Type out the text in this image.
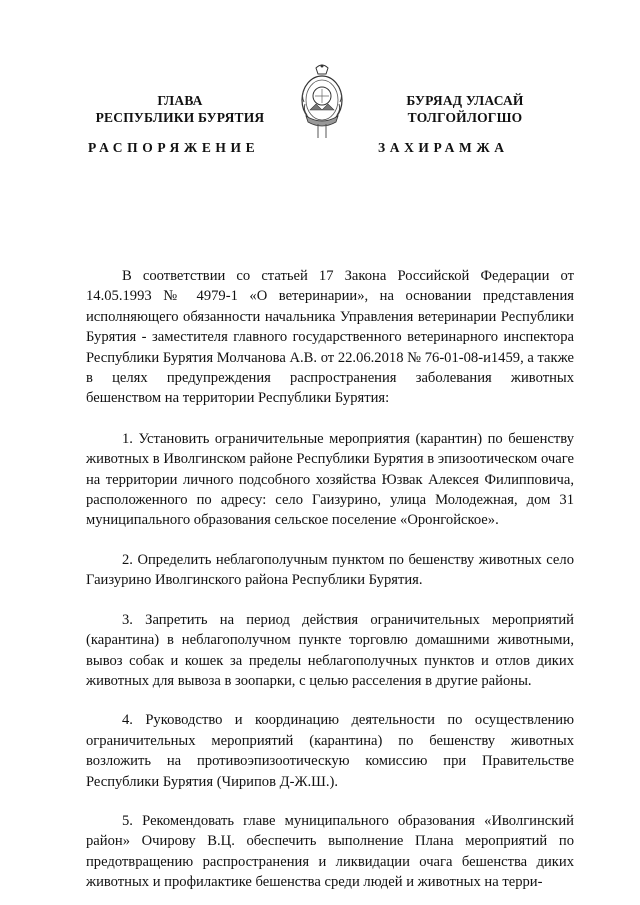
ГЛАВА
РЕСПУБЛИКИ БУРЯТИЯ
РАСПОРЯЖЕНИЕ
БУРЯАД УЛАСАЙ
ТОЛГОЙЛОГШО
ЗАХИРАМЖА

В соответствии со статьей 17 Закона Российской Федерации от 14.05.1993 № 4979-1 «О ветеринарии», на основании представления исполняющего обязанности начальника Управления ветеринарии Республики Бурятия - заместителя главного государственного ветеринарного инспектора Республики Бурятия Молчанова А.В. от 22.06.2018 № 76-01-08-и1459, а также в целях предупреждения распространения заболевания животных бешенством на территории Республики Бурятия:

1. Установить ограничительные мероприятия (карантин) по бешенству животных в Иволгинском районе Республики Бурятия в эпизоотическом очаге на территории личного подсобного хозяйства Юзвак Алексея Филипповича, расположенного по адресу: село Гаизурино, улица Молодежная, дом 31 муниципального образования сельское поселение «Оронгойское».

2. Определить неблагополучным пунктом по бешенству животных село Гаизурино Иволгинского района Республики Бурятия.

3. Запретить на период действия ограничительных мероприятий (карантина) в неблагополучном пункте торговлю домашними животными, вывоз собак и кошек за пределы неблагополучных пунктов и отлов диких животных для вывоза в зоопарки, с целью расселения в другие районы.

4. Руководство и координацию деятельности по осуществлению ограничительных мероприятий (карантина) по бешенству животных возложить на противоэпизоотическую комиссию при Правительстве Республики Бурятия (Чирипов Д-Ж.Ш.).

5. Рекомендовать главе муниципального образования «Иволгинский район» Очирову В.Ц. обеспечить выполнение Плана мероприятий по предотвращению распространения и ликвидации очага бешенства диких животных и профилактике бешенства среди людей и животных на терри-
